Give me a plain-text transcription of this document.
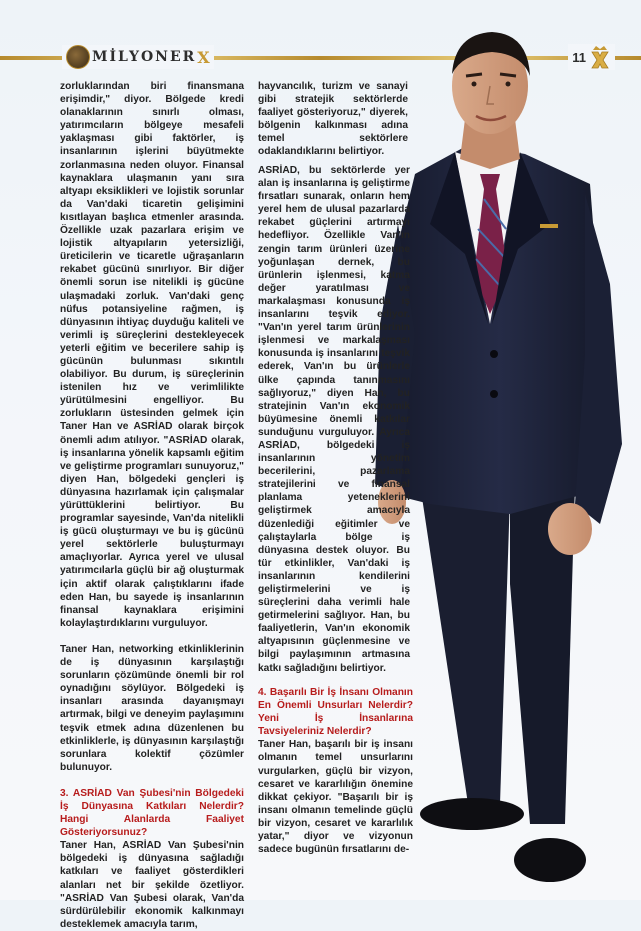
MİLYONER X	11

zorluklarından biri finansmana erişimdir," diyor. Bölgede kredi olanaklarının sınırlı olması, yatırımcıların bölgeye mesafeli yaklaşması gibi faktörler, iş insanlarının işlerini büyütmekte zorlanmasına neden oluyor. Finansal kaynaklara ulaşmanın yanı sıra altyapı eksiklikleri ve lojistik sorunlar da Van'daki ticaretin gelişimini kısıtlayan başlıca etmenler arasında. Özellikle uzak pazarlara erişim ve lojistik altyapıların yetersizliği, üreticilerin ve ticaretle uğraşanların rekabet gücünü sınırlıyor. Bir diğer önemli sorun ise nitelikli iş gücüne ulaşmadaki zorluk. Van'daki genç nüfus potansiyeline rağmen, iş dünyasının ihtiyaç duyduğu kaliteli ve verimli iş süreçlerini destekleyecek yeterli eğitim ve becerilere sahip iş gücünün bulunması sıkıntılı olabiliyor. Bu durum, iş süreçlerinin istenilen hız ve verimlilikte yürütülmesini engelliyor. Bu zorlukların üstesinden gelmek için Taner Han ve ASRİAD olarak birçok önemli adım atılıyor. "ASRİAD olarak, iş insanlarına yönelik kapsamlı eğitim ve geliştirme programları sunuyoruz," diyen Han, bölgedeki gençleri iş dünyasına hazırlamak için çalışmalar yürüttüklerini belirtiyor. Bu programlar sayesinde, Van'da nitelikli iş gücü oluşturmayı ve bu iş gücünü yerel sektörlerle buluşturmayı amaçlıyorlar. Ayrıca yerel ve ulusal yatırımcılarla güçlü bir ağ oluşturmak için aktif olarak çalıştıklarını ifade eden Han, bu sayede iş insanlarının finansal kaynaklara erişimini kolaylaştırdıklarını vurguluyor.

Taner Han, networking etkinliklerinin de iş dünyasının karşılaştığı sorunların çözümünde önemli bir rol oynadığını söylüyor. Bölgedeki iş insanları arasında dayanışmayı artırmak, bilgi ve deneyim paylaşımını teşvik etmek adına düzenlenen bu etkinliklerle, iş dünyasının karşılaştığı sorunlara kolektif çözümler bulunuyor.

3. ASRİAD Van Şubesi'nin Bölgedeki İş Dünyasına Katkıları Nelerdir? Hangi Alanlarda Faaliyet Gösteriyorsunuz?

Taner Han, ASRİAD Van Şubesi'nin bölgedeki iş dünyasına sağladığı katkıları ve faaliyet gösterdikleri alanları net bir şekilde özetliyor. "ASRİAD Van Şubesi olarak, Van'da sürdürülebilir ekonomik kalkınmayı desteklemek amacıyla tarım,

hayvancılık, turizm ve sanayi gibi stratejik sektörlerde faaliyet gösteriyoruz," diyerek, bölgenin kalkınması adına temel sektörlere odaklandıklarını belirtiyor.

ASRİAD, bu sektörlerde yer alan iş insanlarına iş geliştirme fırsatları sunarak, onların hem yerel hem de ulusal pazarlarda rekabet güçlerini artırmayı hedefliyor. Özellikle Van'ın zengin tarım ürünleri üzerine yoğunlaşan dernek, bu ürünlerin işlenmesi, katma değer yaratılması ve markalaşması konusunda iş insanlarını teşvik ediyor. "Van'ın yerel tarım ürünlerinin işlenmesi ve markalaşması konusunda iş insanlarını teşvik ederek, Van'ın bu ürünlerle ülke çapında tanınmasını sağlıyoruz," diyen Han, bu stratejinin Van'ın ekonomik büyümesine önemli katkılar sunduğunu vurguluyor. Ayrıca ASRİAD, bölgedeki iş insanlarının yönetim becerilerini, pazarlama stratejilerini ve finansal planlama yeteneklerini geliştirmek amacıyla düzenlediği eğitimler ve çalıştaylarla bölge iş dünyasına destek oluyor. Bu tür etkinlikler, Van'daki iş insanlarının kendilerini geliştirmelerini ve iş süreçlerini daha verimli hale getirmelerini sağlıyor. Han, bu faaliyetlerin, Van'ın ekonomik altyapısının güçlenmesine ve bilgi paylaşımının artmasına katkı sağladığını belirtiyor.

4. Başarılı Bir İş İnsanı Olmanın En Önemli Unsurları Nelerdir? Yeni İş İnsanlarına Tavsiyeleriniz Nelerdir?

Taner Han, başarılı bir iş insanı olmanın temel unsurlarını vurgularken, güçlü bir vizyon, cesaret ve kararlılığın önemine dikkat çekiyor. "Başarılı bir iş insanı olmanın temelinde güçlü bir vizyon, cesaret ve kararlılık yatar," diyor ve vizyonun sadece bugünün fırsatlarını de-
